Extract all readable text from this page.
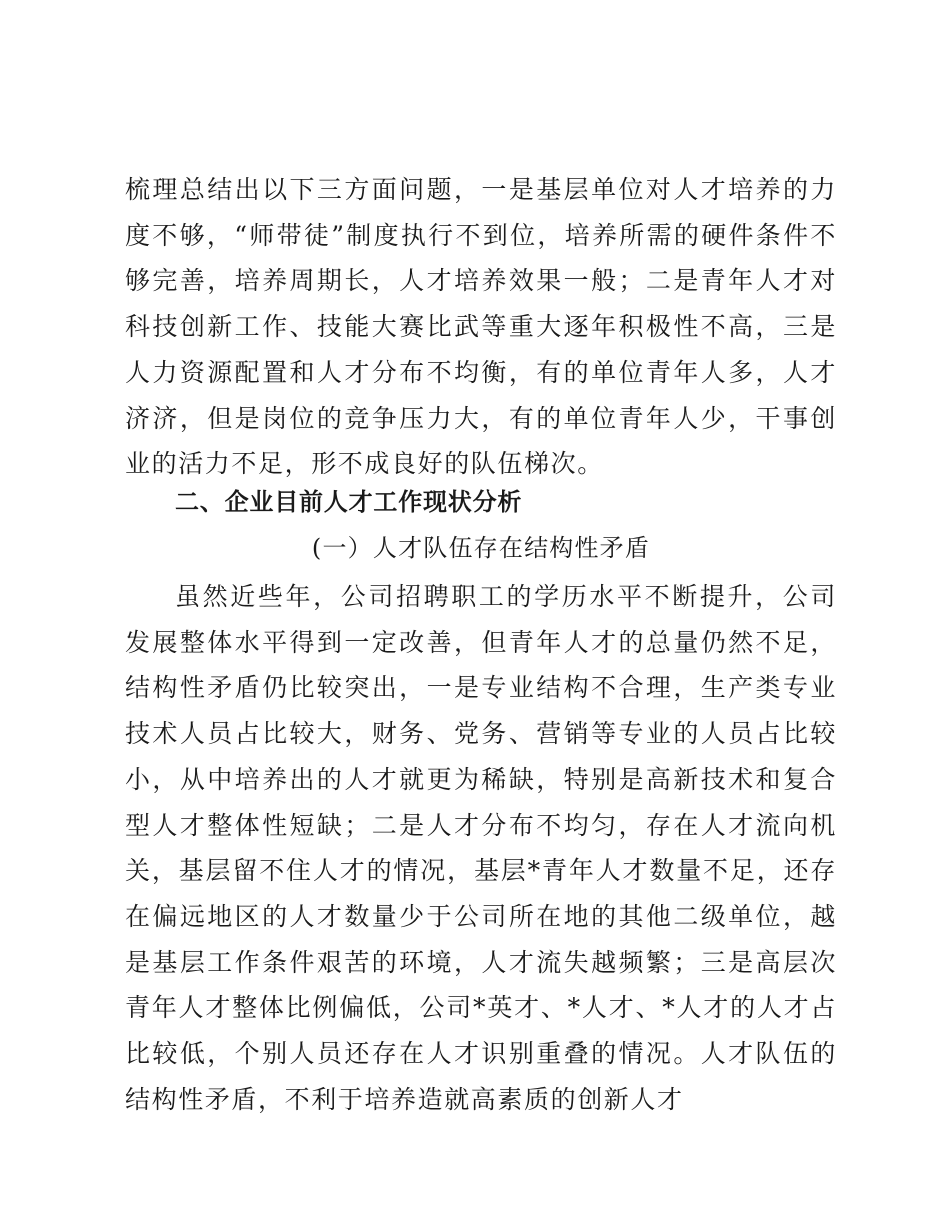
梳理总结出以下三方面问题，一是基层单位对人才培养的力度不够，“师带徒”制度执行不到位，培养所需的硬件条件不够完善，培养周期长，人才培养效果一般；二是青年人才对科技创新工作、技能大赛比武等重大逐年积极性不高，三是人力资源配置和人才分布不均衡，有的单位青年人多，人才济济，但是岗位的竞争压力大，有的单位青年人少，干事创业的活力不足，形不成良好的队伍梯次。

二、企业目前人才工作现状分析
(一）人才队伍存在结构性矛盾

虽然近些年，公司招聘职工的学历水平不断提升，公司发展整体水平得到一定改善，但青年人才的总量仍然不足，结构性矛盾仍比较突出，一是专业结构不合理，生产类专业技术人员占比较大，财务、党务、营销等专业的人员占比较小，从中培养出的人才就更为稀缺，特别是高新技术和复合型人才整体性短缺；二是人才分布不均匀，存在人才流向机关，基层留不住人才的情况，基层*青年人才数量不足，还存在偏远地区的人才数量少于公司所在地的其他二级单位，越是基层工作条件艰苦的环境，人才流失越频繁；三是高层次青年人才整体比例偏低，公司*英才、*人才、*人才的人才占比较低，个别人员还存在人才识别重叠的情况。人才队伍的结构性矛盾，不利于培养造就高素质的创新人才
